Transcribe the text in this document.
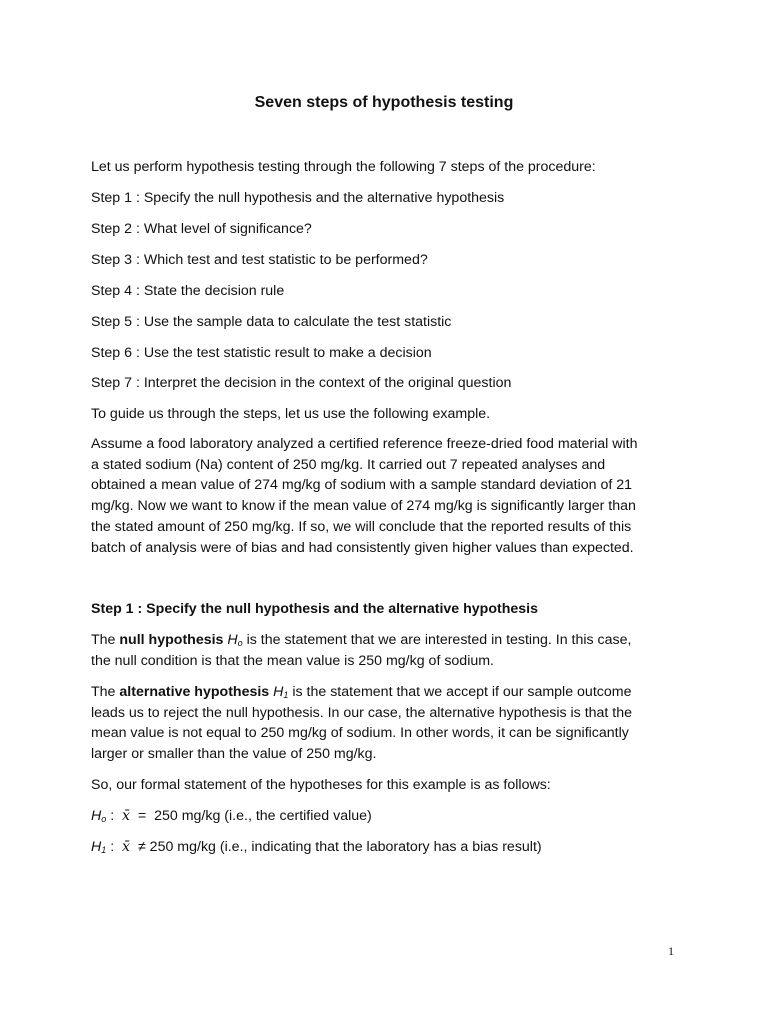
Seven steps of hypothesis testing

Let us perform hypothesis testing through the following 7 steps of the procedure:

Step 1 : Specify the null hypothesis and the alternative hypothesis

Step 2 : What level of significance?

Step 3 : Which test and test statistic to be performed?

Step 4 : State the decision rule

Step 5 : Use the sample data to calculate the test statistic

Step 6 : Use the test statistic result to make a decision

Step 7 : Interpret the decision in the context of the original question

To guide us through the steps, let us use the following example.

Assume a food laboratory analyzed a certified reference freeze-dried food material with
a stated sodium (Na) content of 250 mg/kg. It carried out 7 repeated analyses and
obtained a mean value of 274 mg/kg of sodium with a sample standard deviation of 21
mg/kg. Now we want to know if the mean value of 274 mg/kg is significantly larger than
the stated amount of 250 mg/kg. If so, we will conclude that the reported results of this
batch of analysis were of bias and had consistently given higher values than expected.

Step 1 : Specify the null hypothesis and the alternative hypothesis

The null hypothesis $H_o$ is the statement that we are interested in testing. In this case,
the null condition is that the mean value is 250 mg/kg of sodium.
The alternative hypothesis $H_1$ is the statement that we accept if our sample outcome
leads us to reject the null hypothesis. In our case, the alternative hypothesis is that the
mean value is not equal to 250 mg/kg of sodium. In other words, it can be significantly
larger or smaller than the value of 250 mg/kg.

So, our formal statement of the hypotheses for this example is as follows:

$H_o$ :  x̄  =  250 mg/kg (i.e., the certified value)

$H_1$ :  x̄  ≠ 250 mg/kg (i.e., indicating that the laboratory has a bias result)

1
